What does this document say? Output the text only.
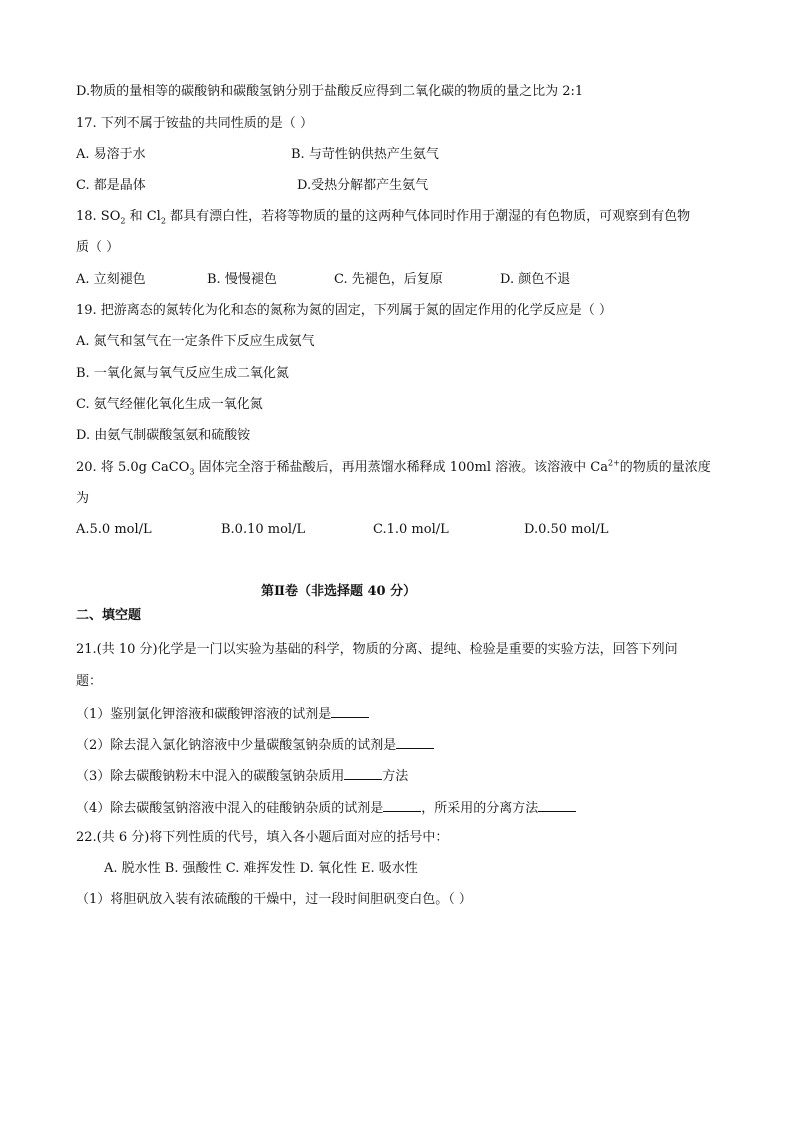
D.物质的量相等的碳酸钠和碳酸氢钠分别于盐酸反应得到二氧化碳的物质的量之比为 2:1
17. 下列不属于铵盐的共同性质的是（ ）
A. 易溶于水	B. 与苛性钠供热产生氨气
C. 都是晶体	D.受热分解都产生氨气
18. $SO_2$ 和 $Cl_2$ 都具有漂白性，若将等物质的量的这两种气体同时作用于潮湿的有色物质，可观察到有色物
质（ ）
A. 立刻褪色	B. 慢慢褪色	C. 先褪色，后复原	D. 颜色不退
19. 把游离态的氮转化为化和态的氮称为氮的固定，下列属于氮的固定作用的化学反应是（ ）
A. 氮气和氢气在一定条件下反应生成氨气
B. 一氧化氮与氧气反应生成二氧化氮
C. 氨气经催化氧化生成一氧化氮
D. 由氨气制碳酸氢氨和硫酸铵
20. 将 5.0g CaCO$_3$ 固体完全溶于稀盐酸后，再用蒸馏水稀释成 100ml 溶液。该溶液中 $Ca^{2+}$的物质的量浓度
为
A.5.0 mol/L	B.0.10 mol/L	C.1.0 mol/L	D.0.50 mol/L
第Ⅱ卷（非选择题 40 分）
二、填空题
21.(共 10 分)化学是一门以实验为基础的科学，物质的分离、提纯、检验是重要的实验方法，回答下列问
题：
（1）鉴别氯化钾溶液和碳酸钾溶液的试剂是
（2）除去混入氯化钠溶液中少量碳酸氢钠杂质的试剂是
（3）除去碳酸钠粉末中混入的碳酸氢钠杂质用	方法
（4）除去碳酸氢钠溶液中混入的硅酸钠杂质的试剂是	，所采用的分离方法
22.(共 6 分)将下列性质的代号，填入各小题后面对应的括号中：
A. 脱水性 B. 强酸性 C. 难挥发性 D. 氧化性 E. 吸水性
（1）将胆矾放入装有浓硫酸的干燥中，过一段时间胆矾变白色。（ ）
